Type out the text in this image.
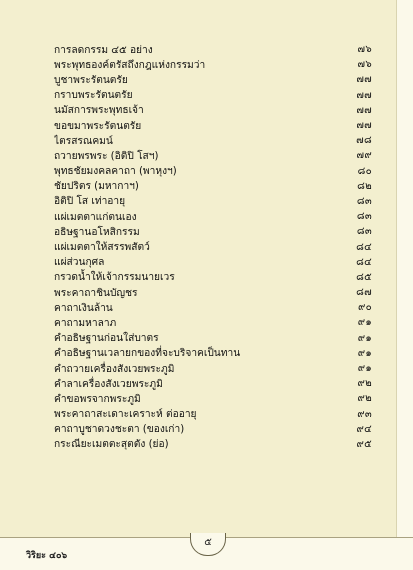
การลดกรรม ๔๕ อย่าง	๗๖
พระพุทธองค์ตรัสถึงกฎแห่งกรรมว่า	๗๖
บูชาพระรัตนตรัย	๗๗
กราบพระรัตนตรัย	๗๗
นมัสการพระพุทธเจ้า	๗๗
ขอขมาพระรัตนตรัย	๗๗
ไตรสรณคมน์	๗๘
ถวายพรพระ (อิติปิ โสฯ)	๗๙
พุทธชัยมงคลคาถา (พาหุงฯ)	๘๐
ชัยปริตร (มหากาฯ)	๘๒
อิติปิ โส เท่าอายุ	๘๓
แผ่เมตตาแก่ตนเอง	๘๓
อธิษฐานอโหสิกรรม	๘๓
แผ่เมตตาให้สรรพสัตว์	๘๔
แผ่ส่วนกุศล	๘๔
กรวดน้ำให้เจ้ากรรมนายเวร	๘๕
พระคาถาชินบัญชร	๘๗
คาถาเงินล้าน	๙๐
คาถามหาลาภ	๙๑
คำอธิษฐานก่อนใส่บาตร	๙๑
คำอธิษฐานเวลายกของที่จะบริจาคเป็นทาน	๙๑
คำถวายเครื่องสังเวยพระภูมิ	๙๑
คำลาเครื่องสังเวยพระภูมิ	๙๒
คำขอพรจากพระภูมิ	๙๒
พระคาถาสะเดาะเคราะห์ ต่ออายุ	๙๓
คาถาบูชาดวงชะตา (ของเก่า)	๙๔
กระณียะเมตตะสุตตัง (ย่อ)	๙๕
๕
วิริยะ ๔๐๖
